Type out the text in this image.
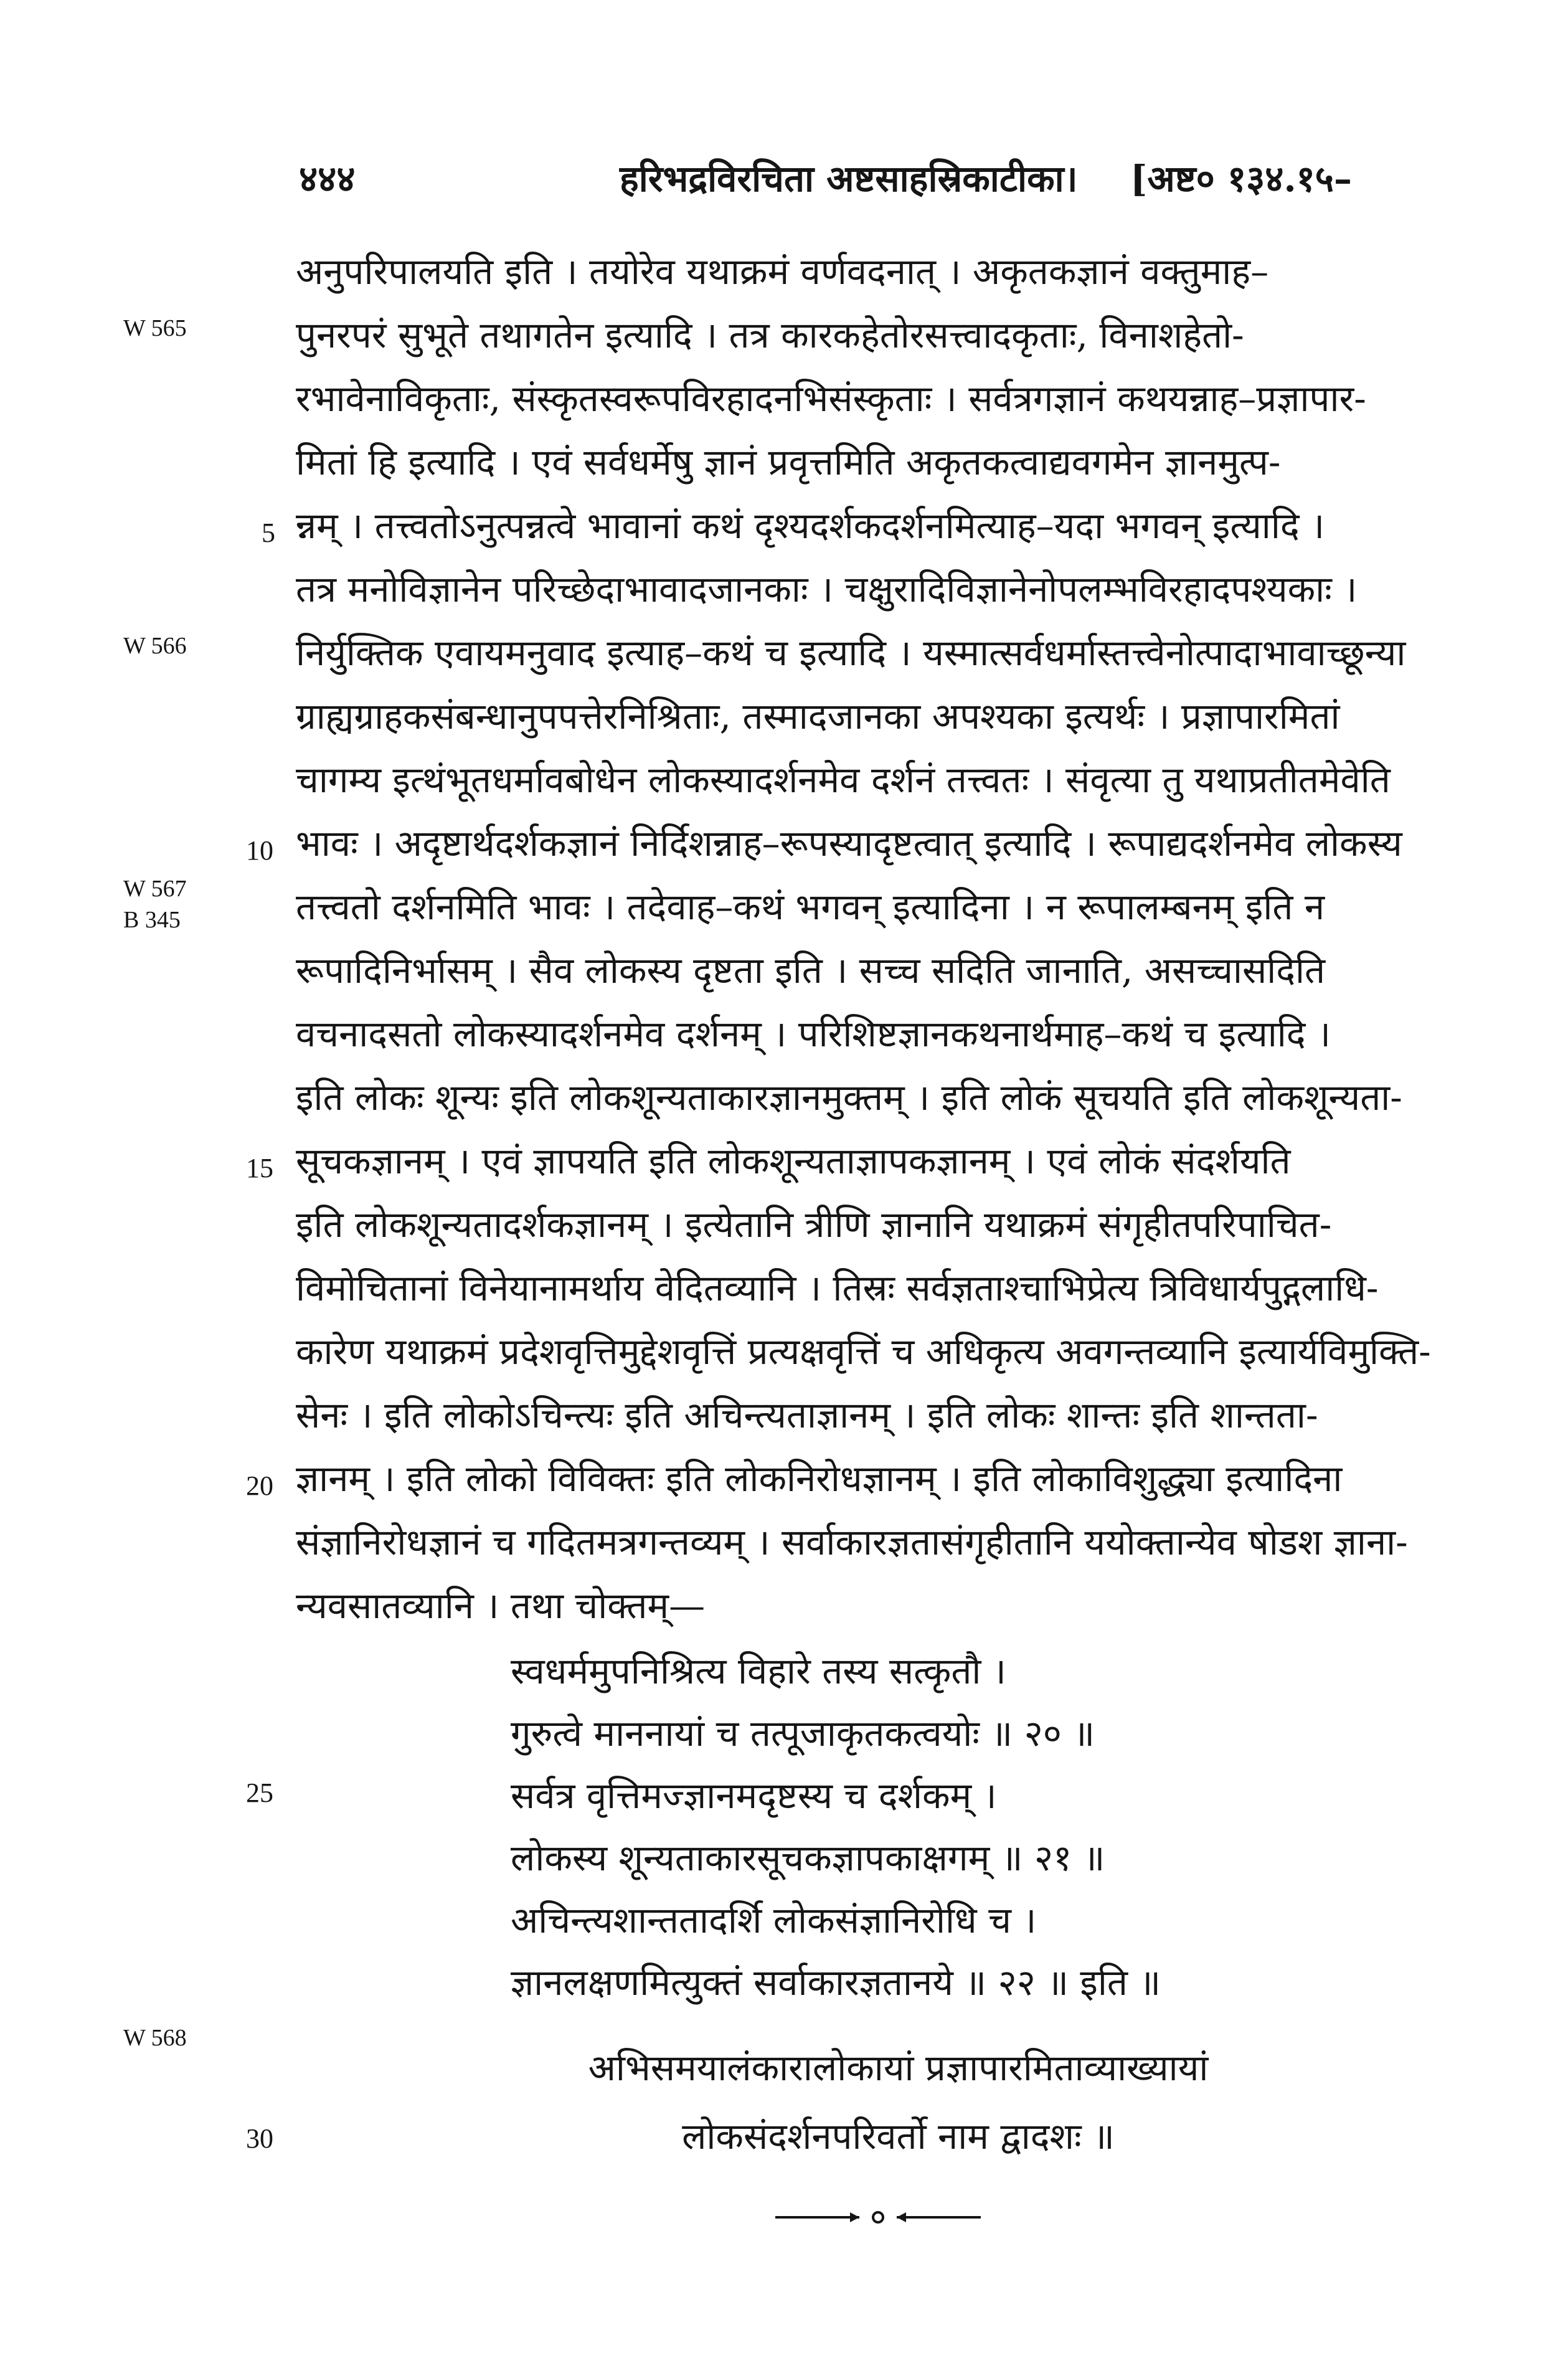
४४४	हरिभद्रविरचिता अष्टसाहस्रिकाटीका। [अष्ट० १३४.१५–
W 565
W 566
W 567
B 345
W 568
5
10
15
20
25
30
अनुपरिपालयति इति । तयोरेव यथाक्रमं वर्णवदनात् । अकृतकज्ञानं वक्तुमाह–
पुनरपरं सुभूते तथागतेन इत्यादि । तत्र कारकहेतोरसत्त्वादकृताः, विनाशहेतो-
रभावेनाविकृताः, संस्कृतस्वरूपविरहादनभिसंस्कृताः । सर्वत्रगज्ञानं कथयन्नाह–प्रज्ञापार-
मितां हि इत्यादि । एवं सर्वधर्मेषु ज्ञानं प्रवृत्तमिति अकृतकत्वाद्यवगमेन ज्ञानमुत्प-
न्नम् । तत्त्वतोऽनुत्पन्नत्वे भावानां कथं दृश्यदर्शकदर्शनमित्याह–यदा भगवन् इत्यादि ।
तत्र मनोविज्ञानेन परिच्छेदाभावादजानकाः । चक्षुरादिविज्ञानेनोपलम्भविरहादपश्यकाः ।
निर्युक्तिक एवायमनुवाद इत्याह–कथं च इत्यादि । यस्मात्सर्वधर्मास्तत्त्वेनोत्पादाभावाच्छून्या
ग्राह्यग्राहकसंबन्धानुपपत्तेरनिश्रिताः, तस्मादजानका अपश्यका इत्यर्थः । प्रज्ञापारमितां
चागम्य इत्थंभूतधर्मावबोधेन लोकस्यादर्शनमेव दर्शनं तत्त्वतः । संवृत्या तु यथाप्रतीतमेवेति
भावः । अदृष्टार्थदर्शकज्ञानं निर्दिशन्नाह–रूपस्यादृष्टत्वात् इत्यादि । रूपाद्यदर्शनमेव लोकस्य
तत्त्वतो दर्शनमिति भावः । तदेवाह–कथं भगवन् इत्यादिना । न रूपालम्बनम् इति न
रूपादिनिर्भासम् । सैव लोकस्य दृष्टता इति । सच्च सदिति जानाति, असच्चासदिति
वचनादसतो लोकस्यादर्शनमेव दर्शनम् । परिशिष्टज्ञानकथनार्थमाह–कथं च इत्यादि ।
इति लोकः शून्यः इति लोकशून्यताकारज्ञानमुक्तम् । इति लोकं सूचयति इति लोकशून्यता-
सूचकज्ञानम् । एवं ज्ञापयति इति लोकशून्यताज्ञापकज्ञानम् । एवं लोकं संदर्शयति
इति लोकशून्यतादर्शकज्ञानम् । इत्येतानि त्रीणि ज्ञानानि यथाक्रमं संगृहीतपरिपाचित-
विमोचितानां विनेयानामर्थाय वेदितव्यानि । तिस्रः सर्वज्ञताश्चाभिप्रेत्य त्रिविधार्यपुद्गलाधि-
कारेण यथाक्रमं प्रदेशवृत्तिमुद्देशवृत्तिं प्रत्यक्षवृत्तिं च अधिकृत्य अवगन्तव्यानि इत्यार्यविमुक्ति-
सेनः । इति लोकोऽचिन्त्यः इति अचिन्त्यताज्ञानम् । इति लोकः शान्तः इति शान्तता-
ज्ञानम् । इति लोको विविक्तः इति लोकनिरोधज्ञानम् । इति लोकाविशुद्ध्या इत्यादिना
संज्ञानिरोधज्ञानं च गदितमत्रगन्तव्यम् । सर्वाकारज्ञतासंगृहीतानि ययोक्तान्येव षोडश ज्ञाना-
न्यवसातव्यानि । तथा चोक्तम्—
स्वधर्ममुपनिश्रित्य विहारे तस्य सत्कृतौ ।
गुरुत्वे माननायां च तत्पूजाकृतकत्वयोः ॥ २० ॥
सर्वत्र वृत्तिमज्ज्ञानमदृष्टस्य च दर्शकम् ।
लोकस्य शून्यताकारसूचकज्ञापकाक्षगम् ॥ २१ ॥
अचिन्त्यशान्ततादर्शि लोकसंज्ञानिरोधि च ।
ज्ञानलक्षणमित्युक्तं सर्वाकारज्ञतानये ॥ २२ ॥ इति ॥
अभिसमयालंकारालोकायां प्रज्ञापारमिताव्याख्यायां
लोकसंदर्शनपरिवर्तो नाम द्वादशः ॥
